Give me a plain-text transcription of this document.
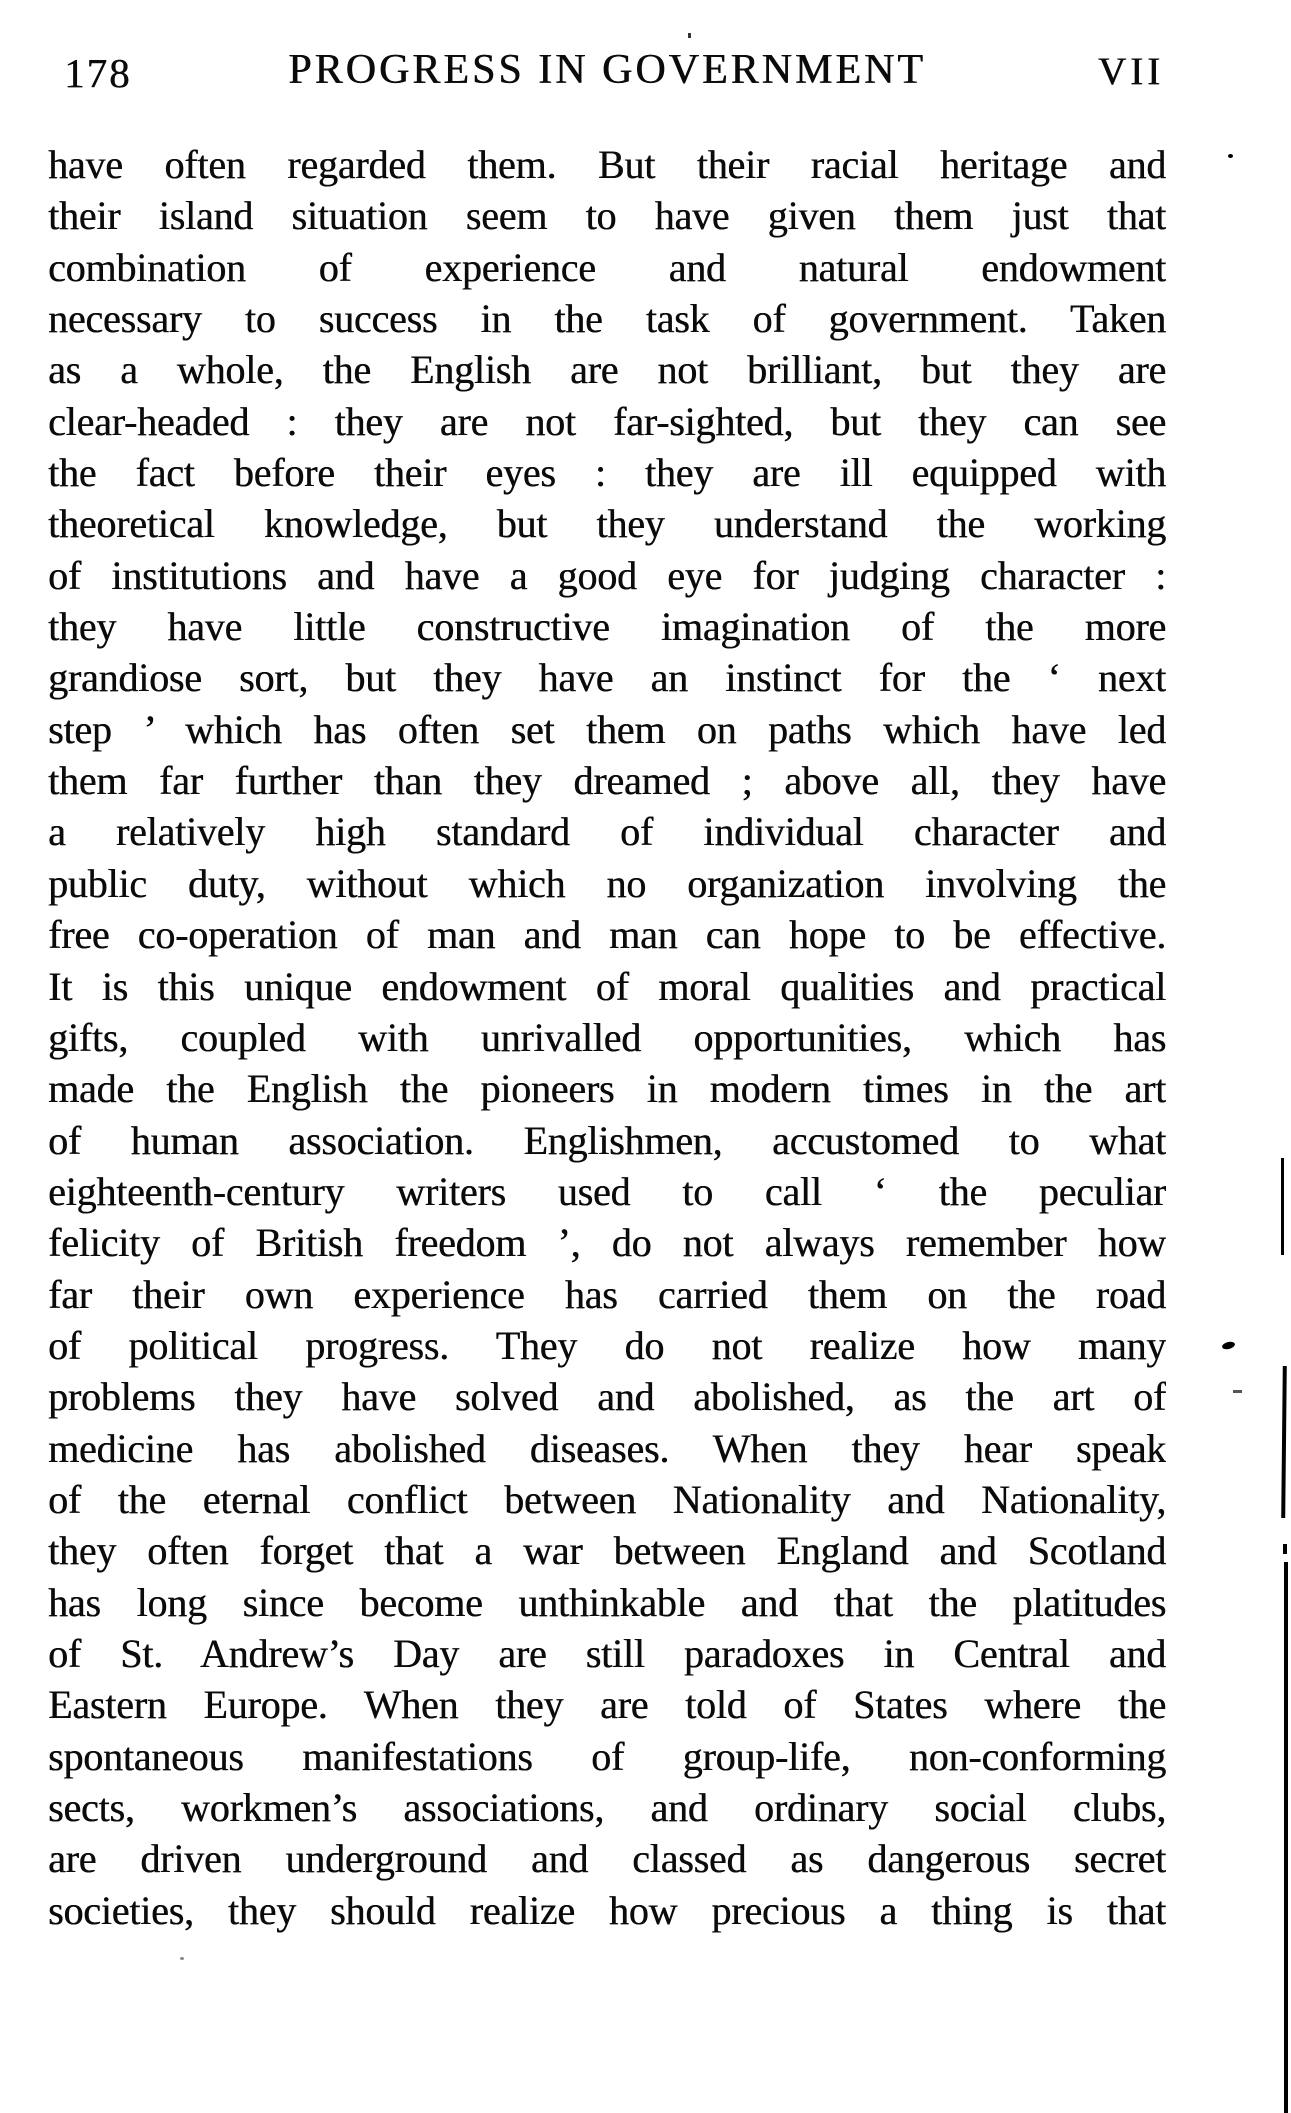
178	PROGRESS IN GOVERNMENT	VII
have often regarded them. But their racial heritage and
their island situation seem to have given them just that
combination of experience and natural endowment
necessary to success in the task of government. Taken
as a whole, the English are not brilliant, but they are
clear-headed : they are not far-sighted, but they can see
the fact before their eyes : they are ill equipped with
theoretical knowledge, but they understand the working
of institutions and have a good eye for judging character :
they have little constructive imagination of the more
grandiose sort, but they have an instinct for the ‘ next
step ’ which has often set them on paths which have led
them far further than they dreamed ; above all, they have
a relatively high standard of individual character and
public duty, without which no organization involving the
free co-operation of man and man can hope to be effective.
It is this unique endowment of moral qualities and practical
gifts, coupled with unrivalled opportunities, which has
made the English the pioneers in modern times in the art
of human association. Englishmen, accustomed to what
eighteenth-century writers used to call ‘ the peculiar
felicity of British freedom ’, do not always remember how
far their own experience has carried them on the road
of political progress. They do not realize how many
problems they have solved and abolished, as the art of
medicine has abolished diseases. When they hear speak
of the eternal conflict between Nationality and Nationality,
they often forget that a war between England and Scotland
has long since become unthinkable and that the platitudes
of St. Andrew’s Day are still paradoxes in Central and
Eastern Europe. When they are told of States where the
spontaneous manifestations of group-life, non-conforming
sects, workmen’s associations, and ordinary social clubs,
are driven underground and classed as dangerous secret
societies, they should realize how precious a thing is that
